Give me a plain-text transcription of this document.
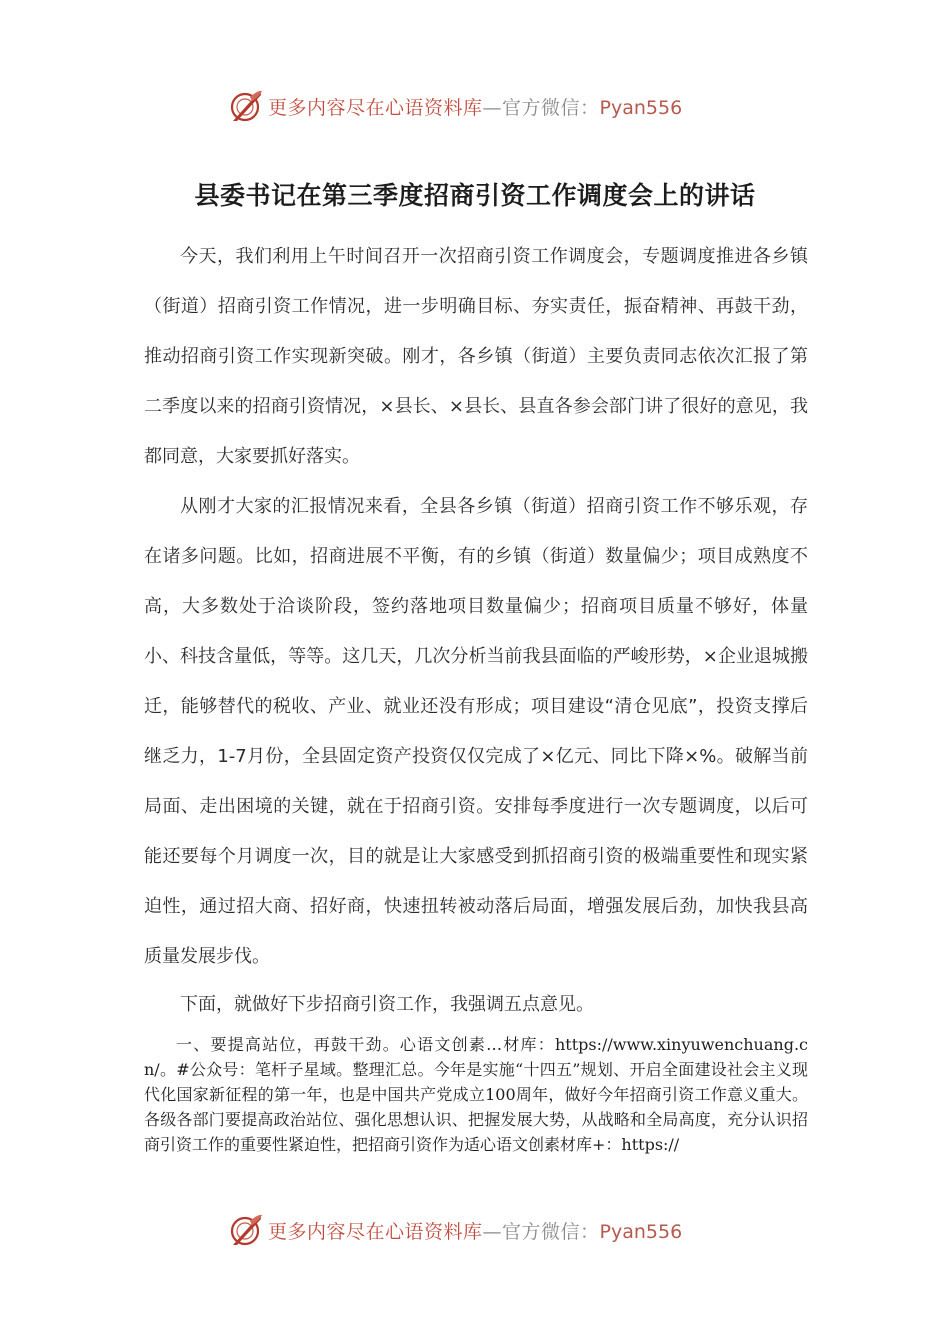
更多内容尽在心语资料库—官方微信：Pyan556
县委书记在第三季度招商引资工作调度会上的讲话

今天，我们利用上午时间召开一次招商引资工作调度会，专题调度推进各乡镇（街道）招商引资工作情况，进一步明确目标、夯实责任，振奋精神、再鼓干劲，推动招商引资工作实现新突破。刚才，各乡镇（街道）主要负责同志依次汇报了第二季度以来的招商引资情况，×县长、×县长、县直各参会部门讲了很好的意见，我都同意，大家要抓好落实。

从刚才大家的汇报情况来看，全县各乡镇（街道）招商引资工作不够乐观，存在诸多问题。比如，招商进展不平衡，有的乡镇（街道）数量偏少；项目成熟度不高，大多数处于洽谈阶段，签约落地项目数量偏少；招商项目质量不够好，体量小、科技含量低，等等。这几天，几次分析当前我县面临的严峻形势，×企业退城搬迁，能够替代的税收、产业、就业还没有形成；项目建设“清仓见底”，投资支撑后继乏力，1-7月份，全县固定资产投资仅仅完成了×亿元、同比下降×%。破解当前局面、走出困境的关键，就在于招商引资。安排每季度进行一次专题调度，以后可能还要每个月调度一次，目的就是让大家感受到抓招商引资的极端重要性和现实紧迫性，通过招大商、招好商，快速扭转被动落后局面，增强发展后劲，加快我县高质量发展步伐。

下面，就做好下步招商引资工作，我强调五点意见。

一、要提高站位，再鼓干劲。心语文创素…材库：https://www.xinyuwenchuang.cn/。#公众号：笔杆子星域。整理汇总。今年是实施“十四五”规划、开启全面建设社会主义现代化国家新征程的第一年，也是中国共产党成立100周年，做好今年招商引资工作意义重大。各级各部门要提高政治站位、强化思想认识、把握发展大势，从战略和全局高度，充分认识招商引资工作的重要性紧迫性，把招商引资作为适心语文创素材库+：https://

更多内容尽在心语资料库—官方微信：Pyan556
